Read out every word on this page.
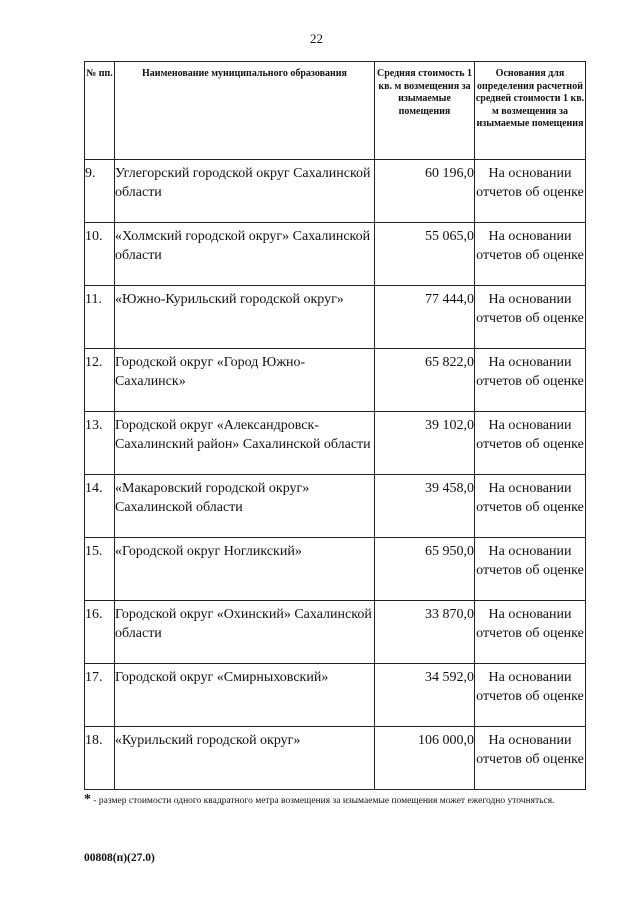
22
№ пп.	Наименование муниципального образования	Средняя стоимость 1 кв. м возмещения за изымаемые помещения	Основания для определения расчетной средней стоимости 1 кв. м возмещения за изымаемые помещения
9.	Углегорский городской округ Сахалинской области	60 196,0	На основании отчетов об оценке
10.	«Холмский городской округ» Сахалинской области	55 065,0	На основании отчетов об оценке
11.	«Южно-Курильский городской округ»	77 444,0	На основании отчетов об оценке
12.	Городской округ «Город Южно-Сахалинск»	65 822,0	На основании отчетов об оценке
13.	Городской округ «Александровск-Сахалинский район» Сахалинской области	39 102,0	На основании отчетов об оценке
14.	«Макаровский городской округ» Сахалинской области	39 458,0	На основании отчетов об оценке
15.	«Городской округ Ногликский»	65 950,0	На основании отчетов об оценке
16.	Городской округ «Охинский» Сахалинской области	33 870,0	На основании отчетов об оценке
17.	Городской округ «Смирныховский»	34 592,0	На основании отчетов об оценке
18.	«Курильский городской округ»	106 000,0	На основании отчетов об оценке
* - размер стоимости одного квадратного метра возмещения за изымаемые помещения может ежегодно уточняться.
00808(п)(27.0)
